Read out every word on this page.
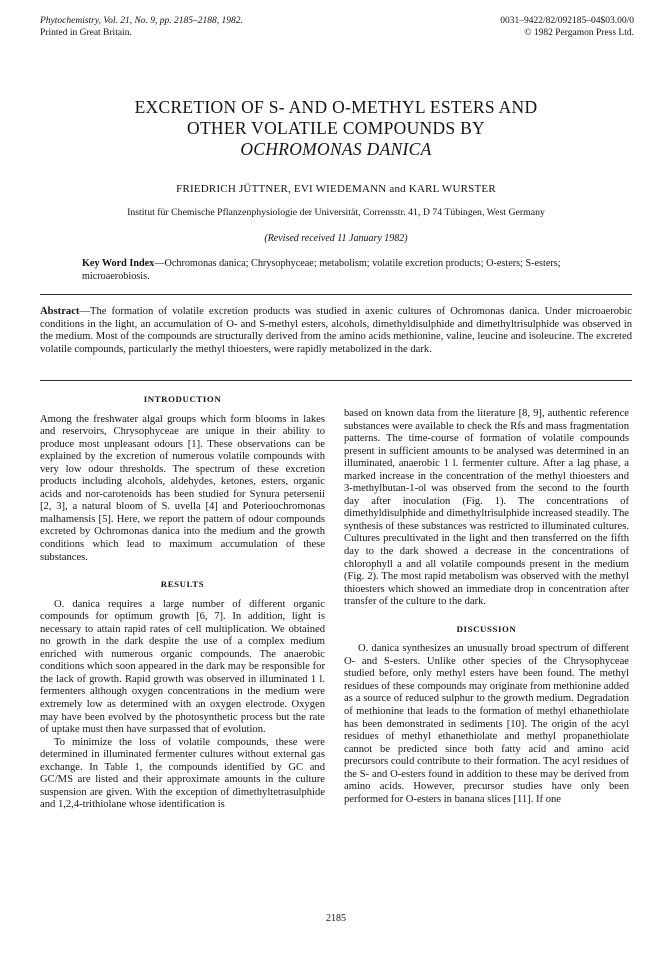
Phytochemistry, Vol. 21, No. 9, pp. 2185–2188, 1982.
Printed in Great Britain.
0031–9422/82/092185–04$03.00/0
© 1982 Pergamon Press Ltd.
EXCRETION OF S- AND O-METHYL ESTERS AND
OTHER VOLATILE COMPOUNDS BY
OCHROMONAS DANICA
FRIEDRICH JÜTTNER, EVI WIEDEMANN and KARL WURSTER
Institut für Chemische Pflanzenphysiologie der Universität, Corrensstr. 41, D 74 Tübingen, West Germany
(Revised received 11 January 1982)
Key Word Index—Ochromonas danica; Chrysophyceae; metabolism; volatile excretion products; O-esters; S-esters; microaerobiosis.
Abstract—The formation of volatile excretion products was studied in axenic cultures of Ochromonas danica. Under microaerobic conditions in the light, an accumulation of O- and S-methyl esters, alcohols, dimethyldisulphide and dimethyltrisulphide was observed in the medium. Most of the compounds are structurally derived from the amino acids methionine, valine, leucine and isoleucine. The excreted volatile compounds, particularly the methyl thioesters, were rapidly metabolized in the dark.
INTRODUCTION

Among the freshwater algal groups which form blooms in lakes and reservoirs, Chrysophyceae are unique in their ability to produce most unpleasant odours [1]. These observations can be explained by the excretion of numerous volatile compounds with very low odour thresholds. The spectrum of these excretion products including alcohols, aldehydes, ketones, esters, organic acids and nor-carotenoids has been studied for Synura petersenii [2, 3], a natural bloom of S. uvella [4] and Poterioochromonas malhamensis [5]. Here, we report the pattern of odour compounds excreted by Ochromonas danica into the medium and the growth conditions which lead to maximum accumulation of these substances.

RESULTS

O. danica requires a large number of different organic compounds for optimum growth [6, 7]. In addition, light is necessary to attain rapid rates of cell multiplication. We obtained no growth in the dark despite the use of a complex medium enriched with numerous organic compounds. The anaerobic conditions which soon appeared in the dark may be responsible for the lack of growth. Rapid growth was observed in illuminated 1 l. fermenters although oxygen concentrations in the medium were extremely low as determined with an oxygen electrode. Oxygen may have been evolved by the photosynthetic process but the rate of uptake must then have surpassed that of evolution.

To minimize the loss of volatile compounds, these were determined in illuminated fermenter cultures without external gas exchange. In Table 1, the compounds identified by GC and GC/MS are listed and their approximate amounts in the culture suspension are given. With the exception of dimethyltetrasulphide and 1,2,4-trithiolane whose identification is

based on known data from the literature [8, 9], authentic reference substances were available to check the Rfs and mass fragmentation patterns. The time-course of formation of volatile compounds present in sufficient amounts to be analysed was determined in an illuminated, anaerobic 1 l. fermenter culture. After a lag phase, a marked increase in the concentration of the methyl thioesters and 3-methylbutan-1-ol was observed from the second to the fourth day after inoculation (Fig. 1). The concentrations of dimethyldisulphide and dimethyltrisulphide increased steadily. The synthesis of these substances was restricted to illuminated cultures. Cultures precultivated in the light and then transferred on the fifth day to the dark showed a decrease in the concentrations of chlorophyll a and all volatile compounds present in the medium (Fig. 2). The most rapid metabolism was observed with the methyl thioesters which showed an immediate drop in concentration after transfer of the culture to the dark.

DISCUSSION

O. danica synthesizes an unusually broad spectrum of different O- and S-esters. Unlike other species of the Chrysophyceae studied before, only methyl esters have been found. The methyl residues of these compounds may originate from methionine added as a source of reduced sulphur to the growth medium. Degradation of methionine that leads to the formation of methyl ethanethiolate has been demonstrated in sediments [10]. The origin of the acyl residues of methyl ethanethiolate and methyl propanethiolate cannot be predicted since both fatty acid and amino acid precursors could contribute to their formation. The acyl residues of the S- and O-esters found in addition to these may be derived from amino acids. However, precursor studies have only been performed for O-esters in banana slices [11]. If one

2185
